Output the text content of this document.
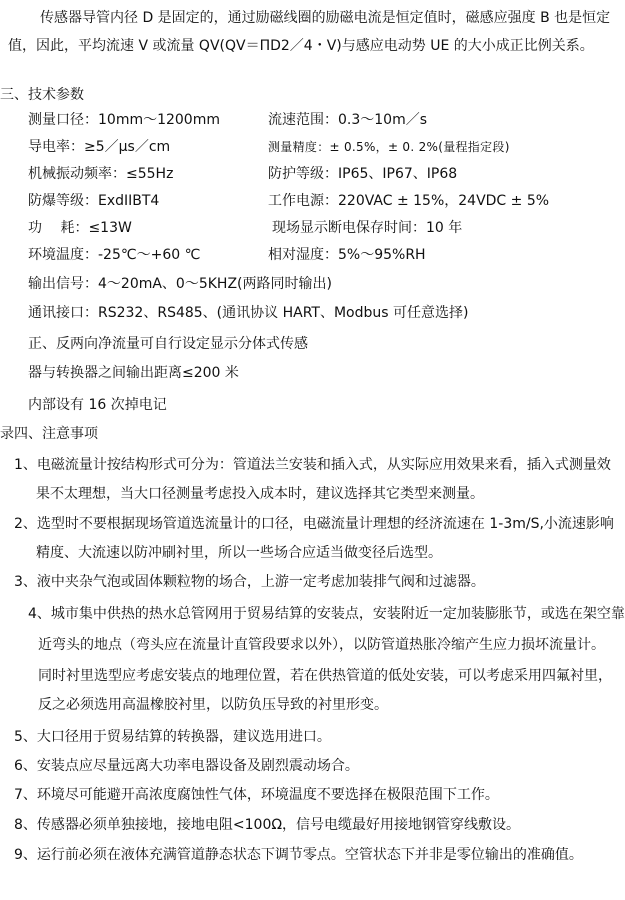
传感器导管内径 D 是固定的，通过励磁线圈的励磁电流是恒定值时，磁感应强度 B 也是恒定
值，因此，平均流速 V 或流量 QV(QV＝ΠD2／4・V)与感应电动势 UE 的大小成正比例关系。
三、技术参数
测量口径：10mm～1200mm	流速范围：0.3～10m／s
导电率：≥5／μs／cm	测量精度：± 0.5%，± 0. 2%(量程指定段)
机械振动频率：≤55Hz	防护等级：IP65、IP67、IP68
防爆等级：ExdIIBT4	工作电源：220VAC ± 15%，24VDC ± 5%
功　 耗：≤13W	现场显示断电保存时间：10 年
环境温度：-25℃～+60 ℃	相对湿度：5%～95%RH
输出信号：4～20mA、0～5KHZ(两路同时输出)
通讯接口：RS232、RS485、(通讯协议 HART、Modbus 可任意选择)
正、反两向净流量可自行设定显示分体式传感
器与转换器之间输出距离≤200 米
内部设有 16 次掉电记
录四、注意事项
1、电磁流量计按结构形式可分为：管道法兰安装和插入式，从实际应用效果来看，插入式测量效
果不太理想，当大口径测量考虑投入成本时，建议选择其它类型来测量。
2、选型时不要根据现场管道选流量计的口径，电磁流量计理想的经济流速在 1-3m/S,小流速影响
精度、大流速以防冲刷衬里，所以一些场合应适当做变径后选型。
3、液中夹杂气泡或固体颗粒物的场合，上游一定考虑加装排气阀和过滤器。
4、城市集中供热的热水总管网用于贸易结算的安装点，安装附近一定加装膨胀节，或选在架空靠
近弯头的地点（弯头应在流量计直管段要求以外），以防管道热胀冷缩产生应力损坏流量计。
同时衬里选型应考虑安装点的地理位置，若在供热管道的低处安装，可以考虑采用四氟衬里，
反之必须选用高温橡胶衬里，以防负压导致的衬里形变。
5、大口径用于贸易结算的转换器，建议选用进口。
6、安装点应尽量远离大功率电器设备及剧烈震动场合。
7、环境尽可能避开高浓度腐蚀性气体，环境温度不要选择在极限范围下工作。
8、传感器必须单独接地，接地电阻<100Ω，信号电缆最好用接地钢管穿线敷设。
9、运行前必须在液体充满管道静态状态下调节零点。空管状态下并非是零位输出的准确值。
